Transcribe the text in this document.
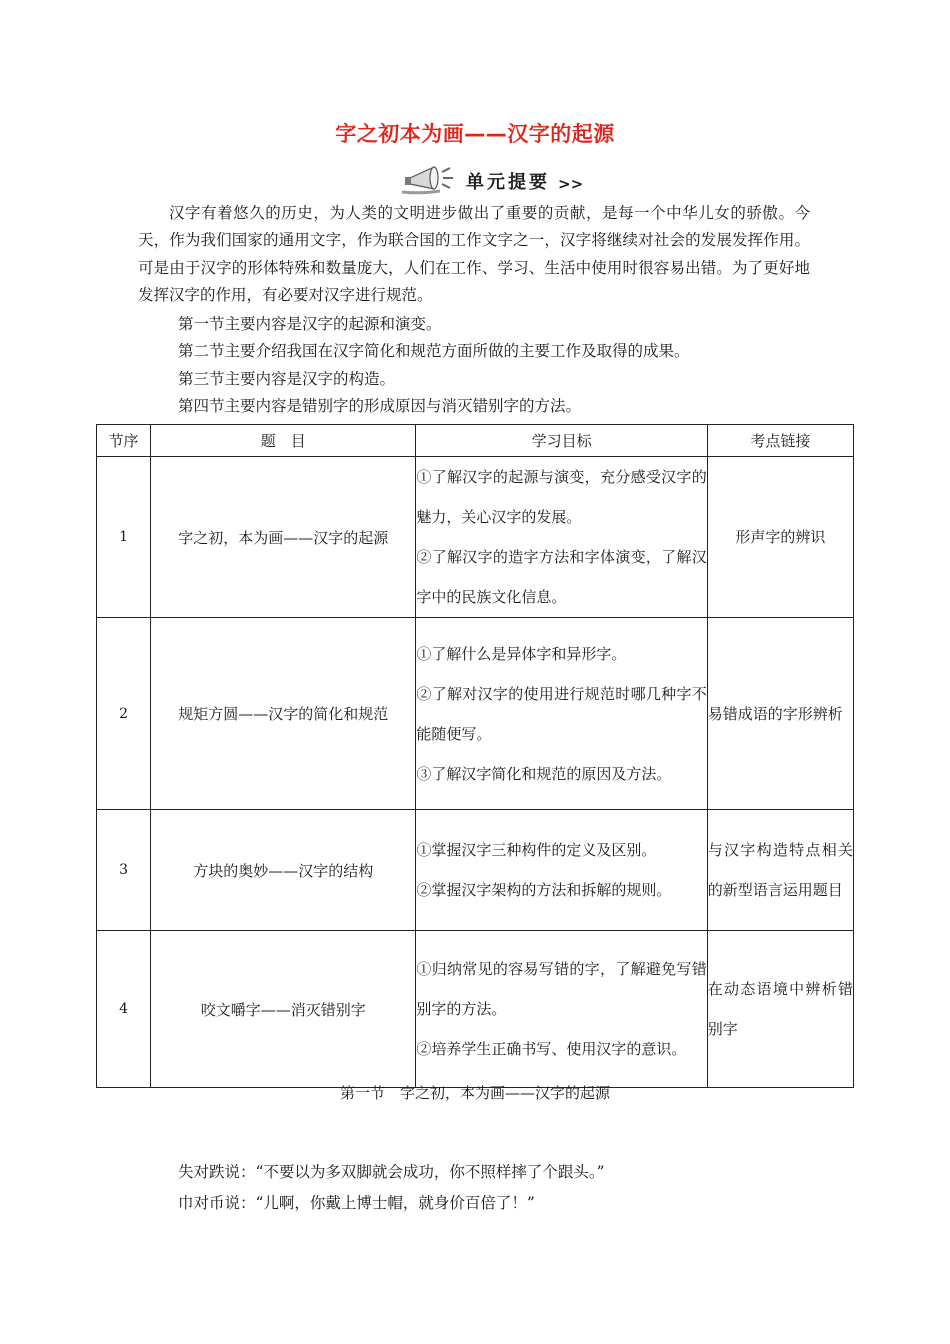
字之初本为画——汉字的起源
单元提要 >>

汉字有着悠久的历史，为人类的文明进步做出了重要的贡献，是每一个中华儿女的骄傲。今天，作为我们国家的通用文字，作为联合国的工作文字之一，汉字将继续对社会的发展发挥作用。可是由于汉字的形体特殊和数量庞大，人们在工作、学习、生活中使用时很容易出错。为了更好地发挥汉字的作用，有必要对汉字进行规范。

第一节主要内容是汉字的起源和演变。
第二节主要介绍我国在汉字简化和规范方面所做的主要工作及取得的成果。
第三节主要内容是汉字的构造。
第四节主要内容是错别字的形成原因与消灭错别字的方法。
节序	题　目	学习目标	考点链接
1	字之初，本为画——汉字的起源	①了解汉字的起源与演变，充分感受汉字的魅力，关心汉字的发展。
②了解汉字的造字方法和字体演变，了解汉字中的民族文化信息。	形声字的辨识
2	规矩方圆——汉字的简化和规范	①了解什么是异体字和异形字。
②了解对汉字的使用进行规范时哪几种字不能随便写。
③了解汉字简化和规范的原因及方法。	易错成语的字形辨析
3	方块的奥妙——汉字的结构	①掌握汉字三种构件的定义及区别。
②掌握汉字架构的方法和拆解的规则。	与汉字构造特点相关的新型语言运用题目
4	咬文嚼字——消灭错别字	①归纳常见的容易写错的字，了解避免写错别字的方法。
②培养学生正确书写、使用汉字的意识。	在动态语境中辨析错别字
第一节　字之初，本为画——汉字的起源
失对跌说：“不要以为多双脚就会成功，你不照样摔了个跟头。”
巾对币说：“儿啊，你戴上博士帽，就身价百倍了！”
